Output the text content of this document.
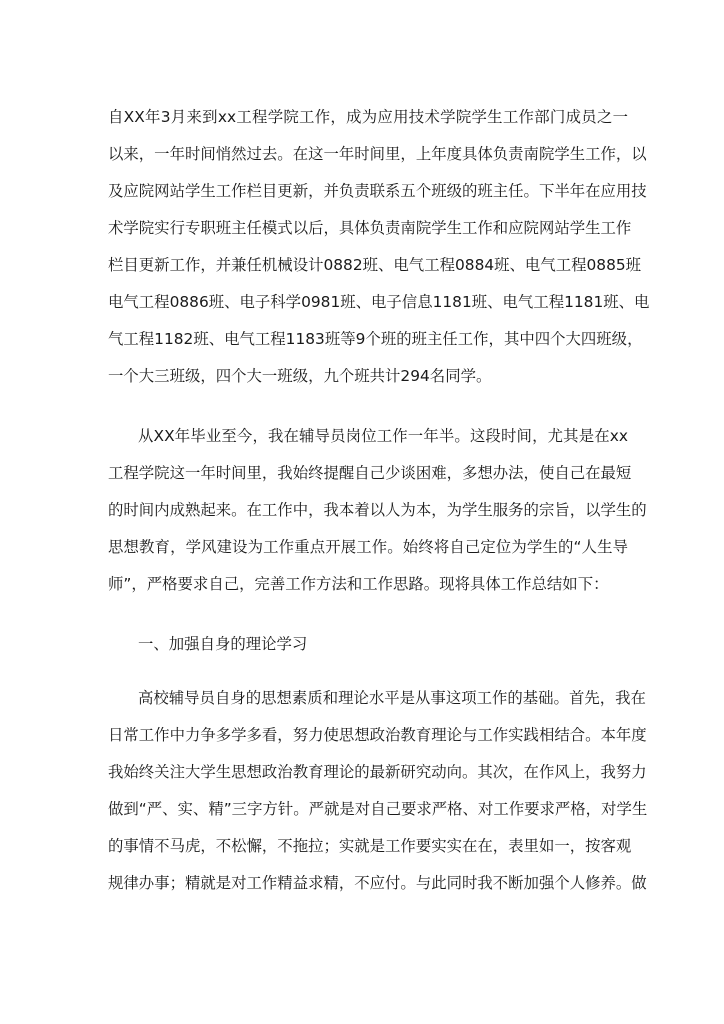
自XX年3月来到xx工程学院工作，成为应用技术学院学生工作部门成员之一
以来，一年时间悄然过去。在这一年时间里，上年度具体负责南院学生工作，以
及应院网站学生工作栏目更新，并负责联系五个班级的班主任。下半年在应用技
术学院实行专职班主任模式以后，具体负责南院学生工作和应院网站学生工作
栏目更新工作，并兼任机械设计0882班、电气工程0884班、电气工程0885班
电气工程0886班、电子科学0981班、电子信息1181班、电气工程1181班、电
气工程1182班、电气工程1183班等9个班的班主任工作，其中四个大四班级，
一个大三班级，四个大一班级，九个班共计294名同学。
从XX年毕业至今，我在辅导员岗位工作一年半。这段时间，尤其是在xx
工程学院这一年时间里，我始终提醒自己少谈困难，多想办法，使自己在最短
的时间内成熟起来。在工作中，我本着以人为本，为学生服务的宗旨，以学生的
思想教育，学风建设为工作重点开展工作。始终将自己定位为学生的“人生导
师”，严格要求自己，完善工作方法和工作思路。现将具体工作总结如下：
一、加强自身的理论学习
高校辅导员自身的思想素质和理论水平是从事这项工作的基础。首先，我在
日常工作中力争多学多看，努力使思想政治教育理论与工作实践相结合。本年度
我始终关注大学生思想政治教育理论的最新研究动向。其次，在作风上，我努力
做到“严、实、精”三字方针。严就是对自己要求严格、对工作要求严格，对学生
的事情不马虎，不松懈，不拖拉；实就是工作要实实在在，表里如一，按客观
规律办事；精就是对工作精益求精，不应付。与此同时我不断加强个人修养。做
